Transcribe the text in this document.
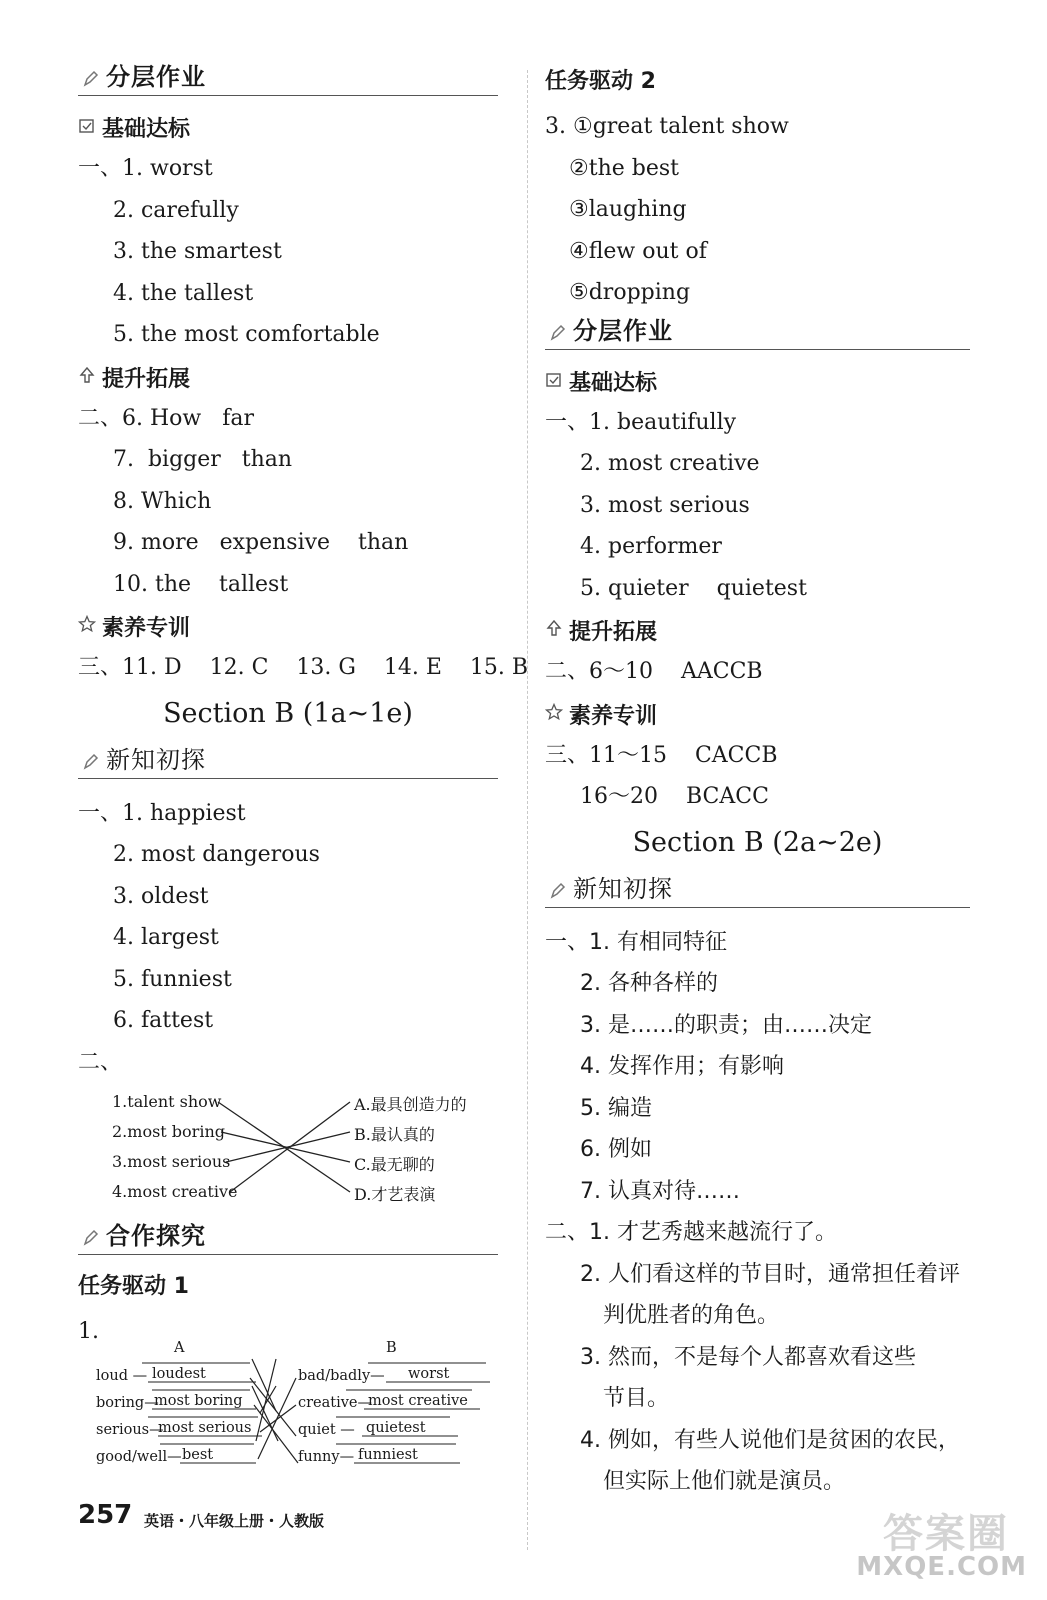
分层作业
基础达标
一、1. worst
2. carefully
3. the smartest
4. the tallest
5. the most comfortable
提升拓展
二、6. How   far
7.  bigger   than
8. Which
9. more   expensive    than
10. the    tallest
素养专训
三、11. D    12. C    13. G    14. E    15. B
Section B (1a~1e)
新知初探
一、1. happiest
2. most dangerous
3. oldest
4. largest
5. funniest
6. fattest
二、
1.talent show
2.most boring
3.most serious
4.most creative
A.最具创造力的
B.最认真的
C.最无聊的
D.才艺表演
合作探究
任务驱动 1
1.
A	B
loud — loudest
boring—
most boring
serious—
most serious
good/well— best
bad/badly— worst
creative—
most creative
quiet — quietest
funny— funniest
任务驱动 2
3. ①great talent show
②the best
③laughing
④flew out of
⑤dropping
分层作业
基础达标
一、1. beautifully
2. most creative
3. most serious
4. performer
5. quieter    quietest
提升拓展
二、6～10    AACCB
素养专训
三、11～15    CACCB
16～20    BCACC
Section B (2a~2e)
新知初探
一、1. 有相同特征
2. 各种各样的
3. 是……的职责；由……决定
4. 发挥作用；有影响
5. 编造
6. 例如
7. 认真对待……
二、1. 才艺秀越来越流行了。
2. 人们看这样的节目时，通常担任着评
判优胜者的角色。
3. 然而，不是每个人都喜欢看这些
节目。
4. 例如，有些人说他们是贫困的农民，
但实际上他们就是演员。
257 英语・八年级上册・人教版	答案圈
MXQE.COM
